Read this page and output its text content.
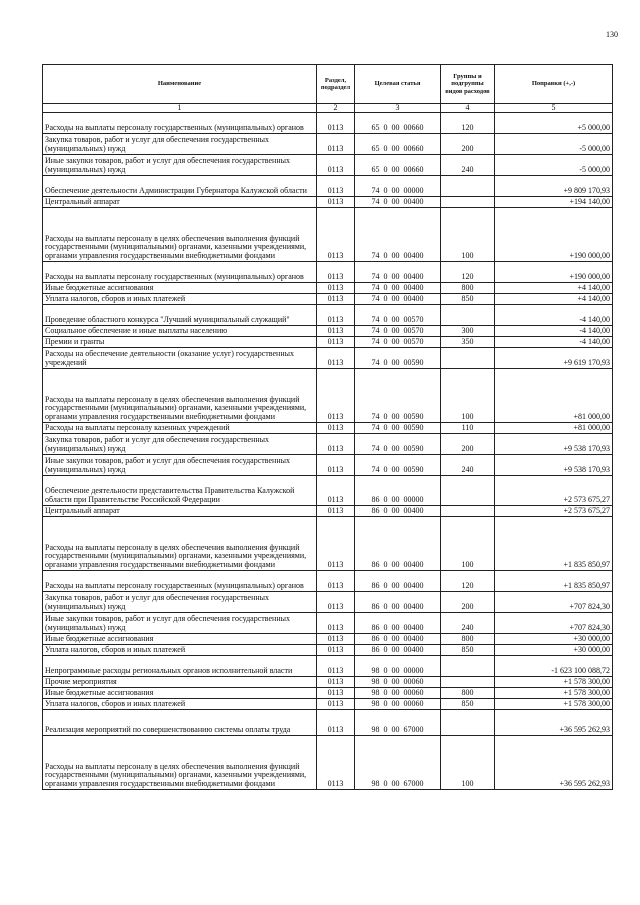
130
Наименование	Раздел, подраздел	Целевая статья	Группы и подгруппы видов расходов	Поправки (+,-)
1	2	3	4	5
Расходы на выплаты персоналу государственных (муниципальных) органов	0113	65  0  00  00660	120	+5 000,00
Закупка товаров, работ и услуг для обеспечения государственных (муниципальных) нужд	0113	65  0  00  00660	200	-5 000,00
Иные закупки товаров, работ и услуг для обеспечения государственных (муниципальных) нужд	0113	65  0  00  00660	240	-5 000,00
Обеспечение деятельности Администрации Губернатора Калужской области	0113	74  0  00  00000		+9 809 170,93
Центральный аппарат	0113	74  0  00  00400		+194 140,00
Расходы на выплаты персоналу в целях обеспечения выполнения функций государственными (муниципальными) органами, казенными учреждениями, органами управления государственными внебюджетными фондами	0113	74  0  00  00400	100	+190 000,00
Расходы на выплаты персоналу государственных (муниципальных) органов	0113	74  0  00  00400	120	+190 000,00
Иные бюджетные ассигнования	0113	74  0  00  00400	800	+4 140,00
Уплата налогов, сборов и иных платежей	0113	74  0  00  00400	850	+4 140,00
Проведение областного конкурса "Лучший муниципальный служащий"	0113	74  0  00  00570		-4 140,00
Социальное обеспечение и иные выплаты населению	0113	74  0  00  00570	300	-4 140,00
Премии и гранты	0113	74  0  00  00570	350	-4 140,00
Расходы на обеспечение деятельности (оказание услуг) государственных учреждений	0113	74  0  00  00590		+9 619 170,93
Расходы на выплаты персоналу в целях обеспечения выполнения функций государственными (муниципальными) органами, казенными учреждениями, органами управления государственными внебюджетными фондами	0113	74  0  00  00590	100	+81 000,00
Расходы на выплаты персоналу казенных учреждений	0113	74  0  00  00590	110	+81 000,00
Закупка товаров, работ и услуг для обеспечения государственных (муниципальных) нужд	0113	74  0  00  00590	200	+9 538 170,93
Иные закупки товаров, работ и услуг для обеспечения государственных (муниципальных) нужд	0113	74  0  00  00590	240	+9 538 170,93
Обеспечение деятельности представительства Правительства Калужской области при Правительстве Российской Федерации	0113	86  0  00  00000		+2 573 675,27
Центральный аппарат	0113	86  0  00  00400		+2 573 675,27
Расходы на выплаты персоналу в целях обеспечения выполнения функций государственными (муниципальными) органами, казенными учреждениями, органами управления государственными внебюджетными фондами	0113	86  0  00  00400	100	+1 835 850,97
Расходы на выплаты персоналу государственных (муниципальных) органов	0113	86  0  00  00400	120	+1 835 850,97
Закупка товаров, работ и услуг для обеспечения государственных (муниципальных) нужд	0113	86  0  00  00400	200	+707 824,30
Иные закупки товаров, работ и услуг для обеспечения государственных (муниципальных) нужд	0113	86  0  00  00400	240	+707 824,30
Иные бюджетные ассигнования	0113	86  0  00  00400	800	+30 000,00
Уплата налогов, сборов и иных платежей	0113	86  0  00  00400	850	+30 000,00
Непрограммные расходы региональных органов исполнительной власти	0113	98  0  00  00000		-1 623 100 088,72
Прочие мероприятия	0113	98  0  00  00060		+1 578 300,00
Иные бюджетные ассигнования	0113	98  0  00  00060	800	+1 578 300,00
Уплата налогов, сборов и иных платежей	0113	98  0  00  00060	850	+1 578 300,00
Реализация мероприятий по совершенствованию системы оплаты труда	0113	98  0  00  67000		+36 595 262,93
Расходы на выплаты персоналу в целях обеспечения выполнения функций государственными (муниципальными) органами, казенными учреждениями, органами управления государственными внебюджетными фондами	0113	98  0  00  67000	100	+36 595 262,93
